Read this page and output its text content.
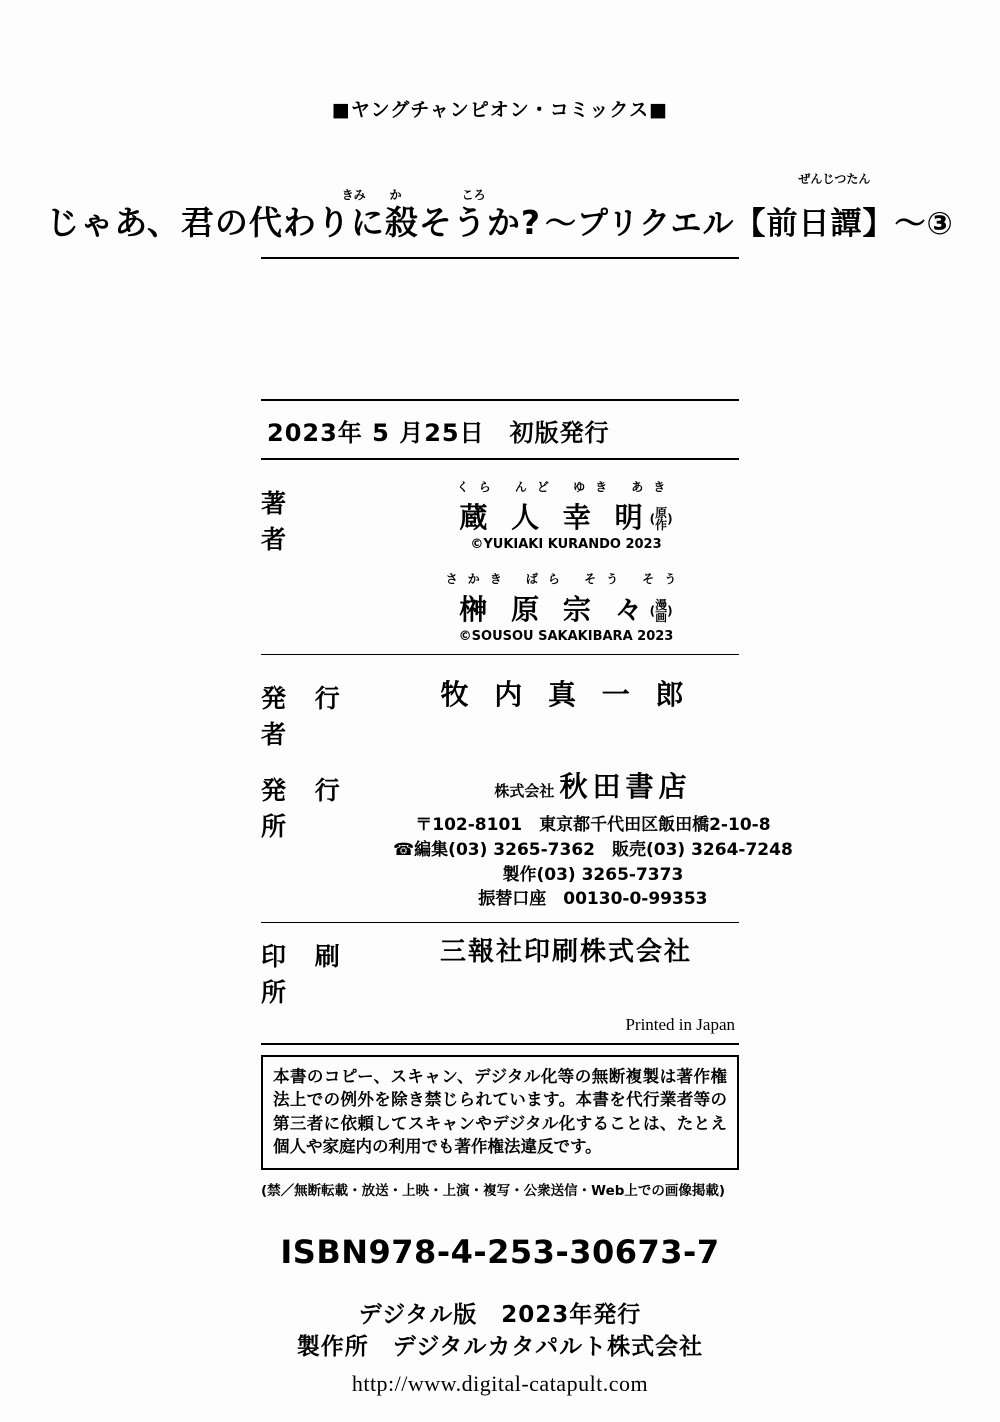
■ヤングチャンピオン・コミックス■
きみ　　か　　　　　ころ
じゃあ、君の代わりに殺そうか?

ぜんじつたん
～プリクエル【前日譚】～③
2023年 5 月25日　初版発行
著　　者
くら んど ゆき あき
蔵 人 幸 明(原
作)
©YUKIAKI KURANDO 2023
さかき ばら そう そう
榊 原 宗 々(漫
画)
©SOUSOU SAKAKIBARA 2023
発 行 者
牧 内 真 一 郎
発 行 所
株式会社 秋田書店
〒102-8101　東京都千代田区飯田橋2-10-8
☎編集(03) 3265-7362　販売(03) 3264-7248
製作(03) 3265-7373
振替口座　00130-0-99353
印 刷 所
三報社印刷株式会社
Printed in Japan
本書のコピー、スキャン、デジタル化等の無断複製は著作権法上での例外を除き禁じられています。本書を代行業者等の第三者に依頼してスキャンやデジタル化することは、たとえ個人や家庭内の利用でも著作権法違反です。
(禁／無断転載・放送・上映・上演・複写・公衆送信・Web上での画像掲載)
ISBN978-4-253-30673-7
デジタル版　2023年発行
製作所　デジタルカタパルト株式会社
http://www.digital-catapult.com
